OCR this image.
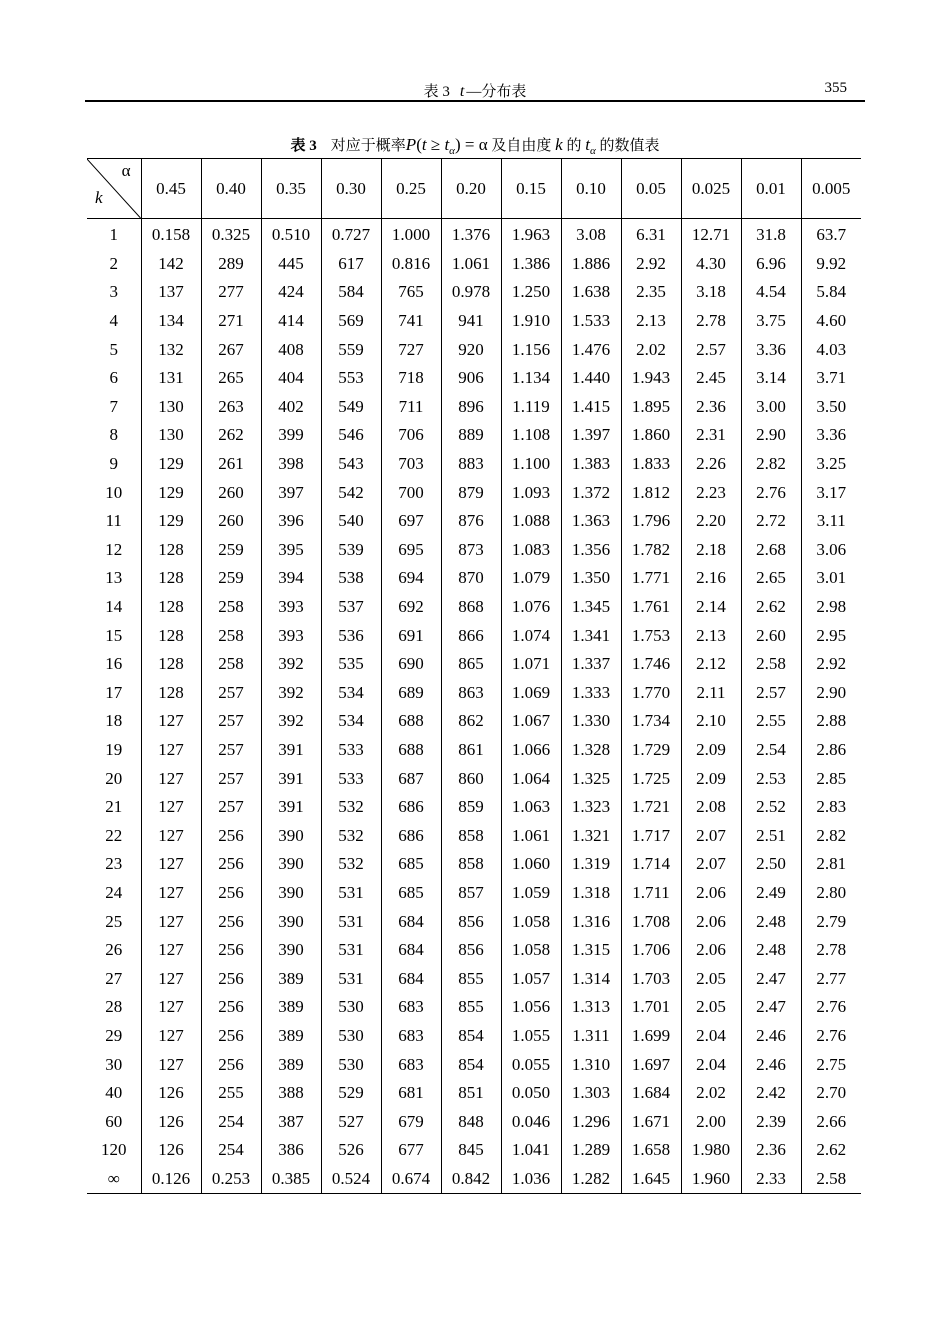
表 3 t —分布表	355
表 3 对应于概率$P(t \ge t_\alpha) = \alpha$ 及自由度 k 的 $t_\alpha$ 的数值表
α
k	0.45	0.40	0.35	0.30	0.25	0.20	0.15	0.10	0.05	0.025	0.01	0.005
1	0.158	0.325	0.510	0.727	1.000	1.376	1.963	3.08	6.31	12.71	31.8	63.7
2	142	289	445	617	0.816	1.061	1.386	1.886	2.92	4.30	6.96	9.92
3	137	277	424	584	765	0.978	1.250	1.638	2.35	3.18	4.54	5.84
4	134	271	414	569	741	941	1.910	1.533	2.13	2.78	3.75	4.60
5	132	267	408	559	727	920	1.156	1.476	2.02	2.57	3.36	4.03
6	131	265	404	553	718	906	1.134	1.440	1.943	2.45	3.14	3.71
7	130	263	402	549	711	896	1.119	1.415	1.895	2.36	3.00	3.50
8	130	262	399	546	706	889	1.108	1.397	1.860	2.31	2.90	3.36
9	129	261	398	543	703	883	1.100	1.383	1.833	2.26	2.82	3.25
10	129	260	397	542	700	879	1.093	1.372	1.812	2.23	2.76	3.17
11	129	260	396	540	697	876	1.088	1.363	1.796	2.20	2.72	3.11
12	128	259	395	539	695	873	1.083	1.356	1.782	2.18	2.68	3.06
13	128	259	394	538	694	870	1.079	1.350	1.771	2.16	2.65	3.01
14	128	258	393	537	692	868	1.076	1.345	1.761	2.14	2.62	2.98
15	128	258	393	536	691	866	1.074	1.341	1.753	2.13	2.60	2.95
16	128	258	392	535	690	865	1.071	1.337	1.746	2.12	2.58	2.92
17	128	257	392	534	689	863	1.069	1.333	1.770	2.11	2.57	2.90
18	127	257	392	534	688	862	1.067	1.330	1.734	2.10	2.55	2.88
19	127	257	391	533	688	861	1.066	1.328	1.729	2.09	2.54	2.86
20	127	257	391	533	687	860	1.064	1.325	1.725	2.09	2.53	2.85
21	127	257	391	532	686	859	1.063	1.323	1.721	2.08	2.52	2.83
22	127	256	390	532	686	858	1.061	1.321	1.717	2.07	2.51	2.82
23	127	256	390	532	685	858	1.060	1.319	1.714	2.07	2.50	2.81
24	127	256	390	531	685	857	1.059	1.318	1.711	2.06	2.49	2.80
25	127	256	390	531	684	856	1.058	1.316	1.708	2.06	2.48	2.79
26	127	256	390	531	684	856	1.058	1.315	1.706	2.06	2.48	2.78
27	127	256	389	531	684	855	1.057	1.314	1.703	2.05	2.47	2.77
28	127	256	389	530	683	855	1.056	1.313	1.701	2.05	2.47	2.76
29	127	256	389	530	683	854	1.055	1.311	1.699	2.04	2.46	2.76
30	127	256	389	530	683	854	0.055	1.310	1.697	2.04	2.46	2.75
40	126	255	388	529	681	851	0.050	1.303	1.684	2.02	2.42	2.70
60	126	254	387	527	679	848	0.046	1.296	1.671	2.00	2.39	2.66
120	126	254	386	526	677	845	1.041	1.289	1.658	1.980	2.36	2.62
∞	0.126	0.253	0.385	0.524	0.674	0.842	1.036	1.282	1.645	1.960	2.33	2.58
